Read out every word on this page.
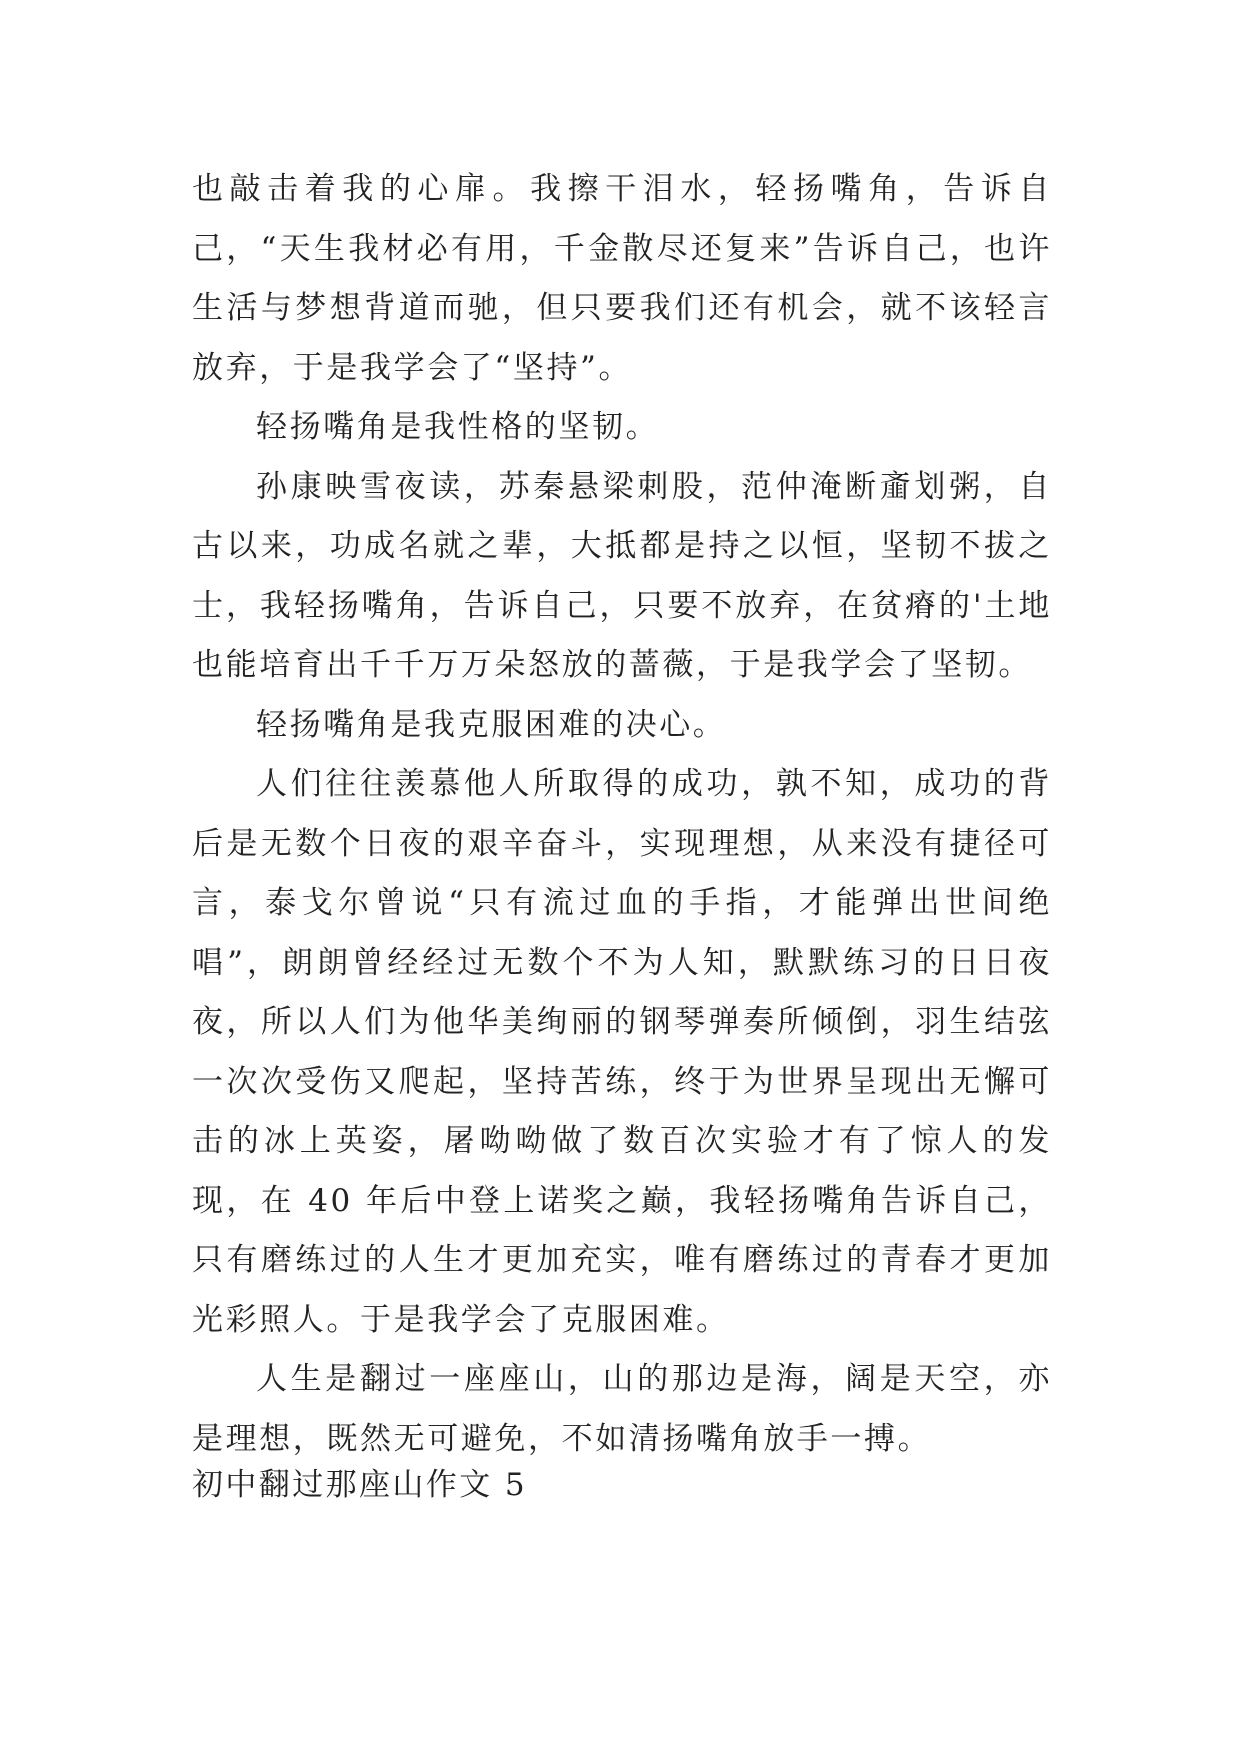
也敲击着我的心扉。我擦干泪水，轻扬嘴角，告诉自己，“天生我材必有用，千金散尽还复来”告诉自己，也许生活与梦想背道而驰，但只要我们还有机会，就不该轻言放弃，于是我学会了“坚持”。

轻扬嘴角是我性格的坚韧。

孙康映雪夜读，苏秦悬梁刺股，范仲淹断齑划粥，自古以来，功成名就之辈，大抵都是持之以恒，坚韧不拔之士，我轻扬嘴角，告诉自己，只要不放弃，在贫瘠的'土地也能培育出千千万万朵怒放的蔷薇，于是我学会了坚韧。

轻扬嘴角是我克服困难的决心。

人们往往羡慕他人所取得的成功，孰不知，成功的背后是无数个日夜的艰辛奋斗，实现理想，从来没有捷径可言，泰戈尔曾说“只有流过血的手指，才能弹出世间绝唱”，朗朗曾经经过无数个不为人知，默默练习的日日夜夜，所以人们为他华美绚丽的钢琴弹奏所倾倒，羽生结弦一次次受伤又爬起，坚持苦练，终于为世界呈现出无懈可击的冰上英姿，屠呦呦做了数百次实验才有了惊人的发现，在 40 年后中登上诺奖之巅，我轻扬嘴角告诉自己，只有磨练过的人生才更加充实，唯有磨练过的青春才更加光彩照人。于是我学会了克服困难。

人生是翻过一座座山，山的那边是海，阔是天空，亦是理想，既然无可避免，不如清扬嘴角放手一搏。

初中翻过那座山作文 5
